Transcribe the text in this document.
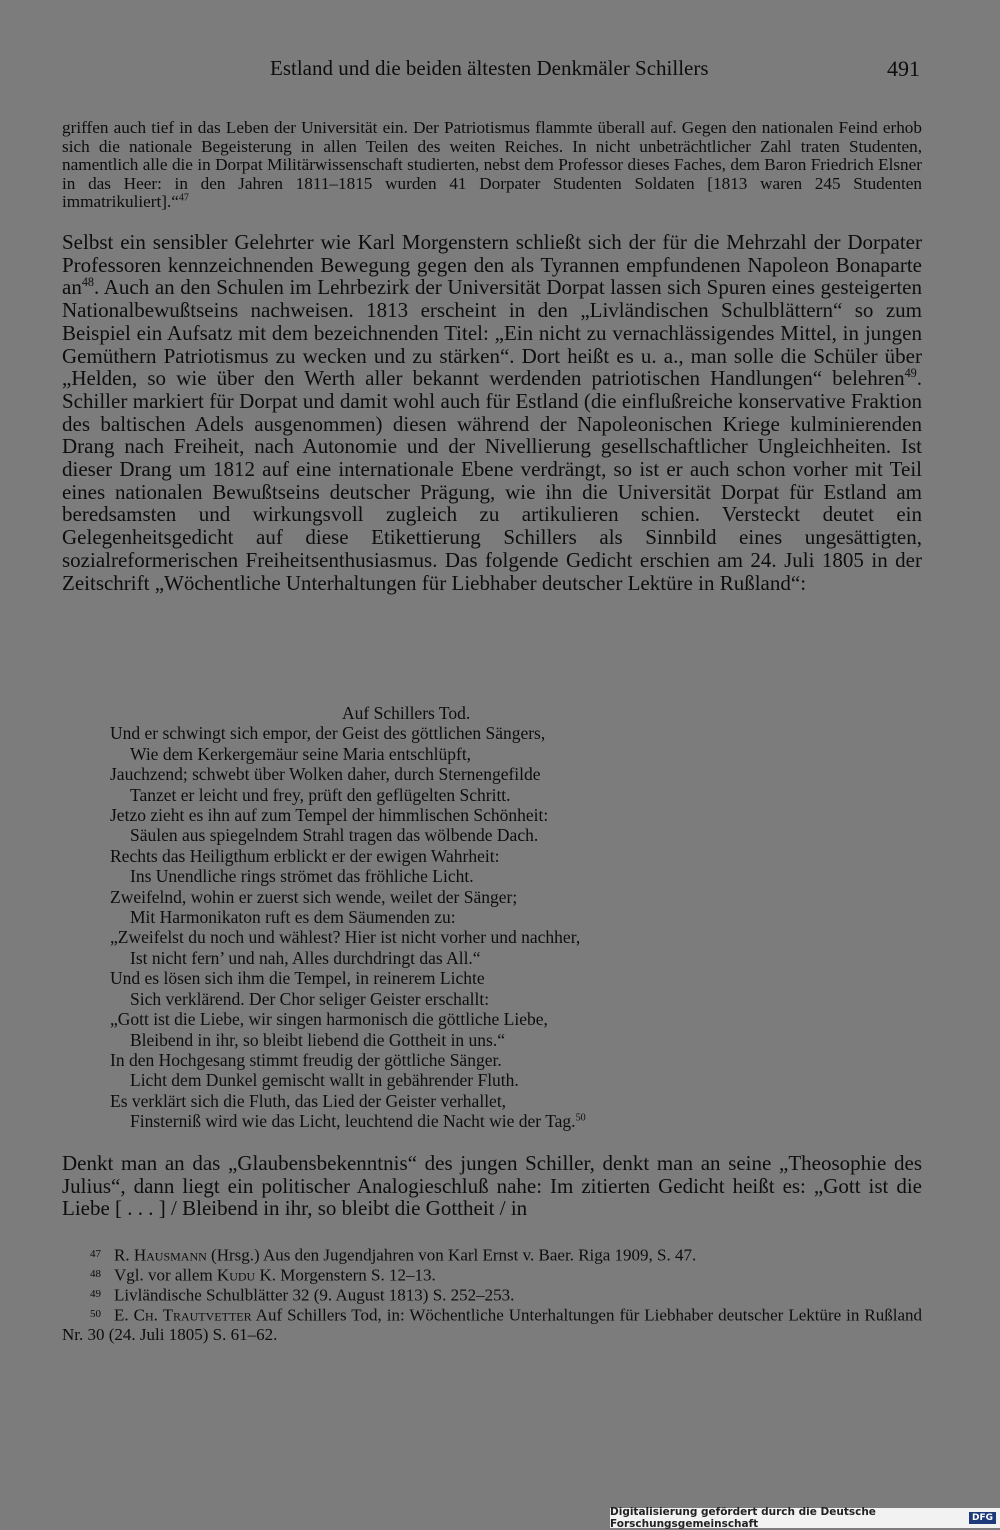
Estland und die beiden ältesten Denkmäler Schillers	491

griffen auch tief in das Leben der Universität ein. Der Patriotismus flammte überall auf. Gegen den nationalen Feind erhob sich die nationale Begeisterung in allen Teilen des weiten Reiches. In nicht unbeträchtlicher Zahl traten Studenten, namentlich alle die in Dorpat Militärwissenschaft studierten, nebst dem Professor dieses Faches, dem Baron Friedrich Elsner in das Heer: in den Jahren 1811–1815 wurden 41 Dorpater Studenten Soldaten [1813 waren 245 Studenten immatrikuliert].“$^{47}$

Selbst ein sensibler Gelehrter wie Karl Morgenstern schließt sich der für die Mehrzahl der Dorpater Professoren kennzeichnenden Bewegung gegen den als Tyrannen empfundenen Napoleon Bonaparte $an^{48}$. Auch an den Schulen im Lehrbezirk der Universität Dorpat lassen sich Spuren eines gesteigerten Nationalbewußtseins nachweisen. 1813 erscheint in den „Livländischen Schulblättern“ so zum Beispiel ein Aufsatz mit dem bezeichnenden Titel: „Ein nicht zu vernachlässigendes Mittel, in jungen Gemüthern Patriotismus zu wecken und zu stärken“. Dort heißt es u. a., man solle die Schüler über „Helden, so wie über den Werth aller bekannt werdenden patriotischen Handlungen“ belehren$^{49}$. Schiller markiert für Dorpat und damit wohl auch für Estland (die einflußreiche konservative Fraktion des baltischen Adels ausgenommen) diesen während der Napoleonischen Kriege kulminierenden Drang nach Freiheit, nach Autonomie und der Nivellierung gesellschaftlicher Ungleichheiten. Ist dieser Drang um 1812 auf eine internationale Ebene verdrängt, so ist er auch schon vorher mit Teil eines nationalen Bewußtseins deutscher Prägung, wie ihn die Universität Dorpat für Estland am beredsamsten und wirkungsvoll zugleich zu artikulieren schien. Versteckt deutet ein Gelegenheitsgedicht auf diese Etikettierung Schillers als Sinnbild eines ungesättigten, sozialreformerischen Freiheitsenthusiasmus. Das folgende Gedicht erschien am 24. Juli 1805 in der Zeitschrift „Wöchentliche Unterhaltungen für Liebhaber deutscher Lektüre in Rußland“:

Auf Schillers Tod.
Und er schwingt sich empor, der Geist des göttlichen Sängers,
Wie dem Kerkergemäur seine Maria entschlüpft,
Jauchzend; schwebt über Wolken daher, durch Sternengefilde
Tanzet er leicht und frey, prüft den geflügelten Schritt.
Jetzo zieht es ihn auf zum Tempel der himmlischen Schönheit:
Säulen aus spiegelndem Strahl tragen das wölbende Dach.
Rechts das Heiligthum erblickt er der ewigen Wahrheit:
Ins Unendliche rings strömet das fröhliche Licht.
Zweifelnd, wohin er zuerst sich wende, weilet der Sänger;
Mit Harmonikaton ruft es dem Säumenden zu:
„Zweifelst du noch und wählest? Hier ist nicht vorher und nachher,
Ist nicht fern’ und nah, Alles durchdringt das All.“
Und es lösen sich ihm die Tempel, in reinerem Lichte
Sich verklärend. Der Chor seliger Geister erschallt:
„Gott ist die Liebe, wir singen harmonisch die göttliche Liebe,
Bleibend in ihr, so bleibt liebend die Gottheit in uns.“
In den Hochgesang stimmt freudig der göttliche Sänger.
Licht dem Dunkel gemischt wallt in gebährender Fluth.
Es verklärt sich die Fluth, das Lied der Geister verhallet,
Finsterniß wird wie das Licht, leuchtend die Nacht wie der Tag.$^{50}$

Denkt man an das „Glaubensbekenntnis“ des jungen Schiller, denkt man an seine „Theosophie des Julius“, dann liegt ein politischer Analogieschluß nahe: Im zitierten Gedicht heißt es: „Gott ist die Liebe [ . . . ] / Bleibend in ihr, so bleibt die Gottheit / in

47 R. Hausmann (Hrsg.) Aus den Jugendjahren von Karl Ernst v. Baer. Riga 1909, S. 47.

48 Vgl. vor allem Kudu K. Morgenstern S. 12–13.

49 Livländische Schulblätter 32 (9. August 1813) S. 252–253.

50 E. Ch. Trautvetter Auf Schillers Tod, in: Wöchentliche Unterhaltungen für Liebhaber deutscher Lektüre in Rußland Nr. 30 (24. Juli 1805) S. 61–62.

Digitalisierung gefördert durch die Deutsche Forschungsgemeinschaft	DFG
